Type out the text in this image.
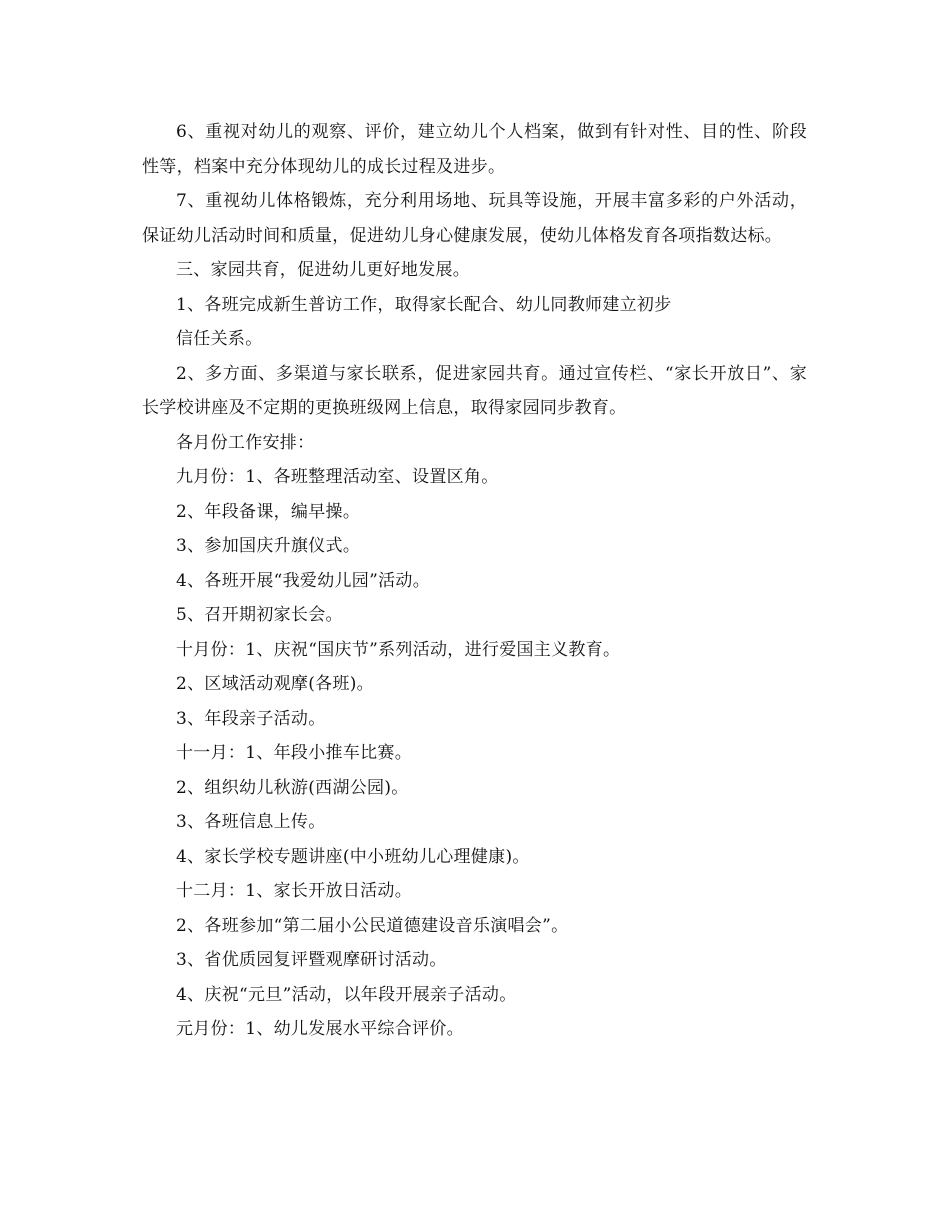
6、重视对幼儿的观察、评价，建立幼儿个人档案，做到有针对性、目的性、阶段性等，档案中充分体现幼儿的成长过程及进步。

7、重视幼儿体格锻炼，充分利用场地、玩具等设施，开展丰富多彩的户外活动，保证幼儿活动时间和质量，促进幼儿身心健康发展，使幼儿体格发育各项指数达标。

三、家园共育，促进幼儿更好地发展。

1、各班完成新生普访工作，取得家长配合、幼儿同教师建立初步

信任关系。

2、多方面、多渠道与家长联系，促进家园共育。通过宣传栏、“家长开放日”、家长学校讲座及不定期的更换班级网上信息，取得家园同步教育。

各月份工作安排：

九月份：1、各班整理活动室、设置区角。

2、年段备课，编早操。

3、参加国庆升旗仪式。

4、各班开展“我爱幼儿园”活动。

5、召开期初家长会。

十月份：1、庆祝“国庆节”系列活动，进行爱国主义教育。

2、区域活动观摩(各班)。

3、年段亲子活动。

十一月：1、年段小推车比赛。

2、组织幼儿秋游(西湖公园)。

3、各班信息上传。

4、家长学校专题讲座(中小班幼儿心理健康)。

十二月：1、家长开放日活动。

2、各班参加“第二届小公民道德建设音乐演唱会”。

3、省优质园复评暨观摩研讨活动。

4、庆祝“元旦”活动，以年段开展亲子活动。

元月份：1、幼儿发展水平综合评价。
